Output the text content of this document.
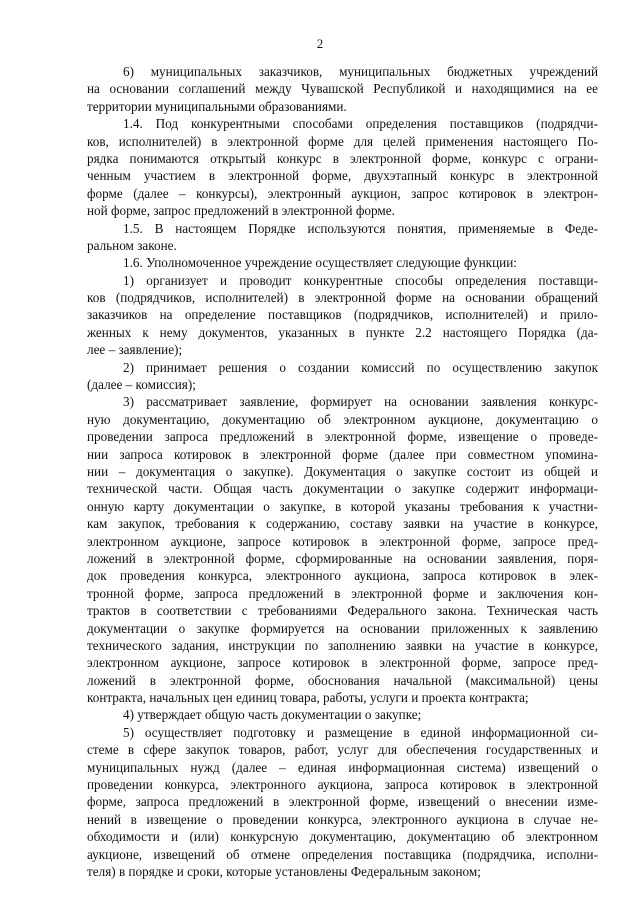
2
6) муниципальных заказчиков, муниципальных бюджетных учреждений
на основании соглашений между Чувашской Республикой и находящимися на ее
территории муниципальными образованиями.
1.4. Под конкурентными способами определения поставщиков (подрядчи-
ков, исполнителей) в электронной форме для целей применения настоящего По-
рядка понимаются открытый конкурс в электронной форме, конкурс с ограни-
ченным участием в электронной форме, двухэтапный конкурс в электронной
форме (далее – конкурсы), электронный аукцион, запрос котировок в электрон-
ной форме, запрос предложений в электронной форме.
1.5. В настоящем Порядке используются понятия, применяемые в Феде-
ральном законе.
1.6. Уполномоченное учреждение осуществляет следующие функции:
1) организует и проводит конкурентные способы определения поставщи-
ков (подрядчиков, исполнителей) в электронной форме на основании обращений
заказчиков на определение поставщиков (подрядчиков, исполнителей) и прило-
женных к нему документов, указанных в пункте 2.2 настоящего Порядка (да-
лее – заявление);
2) принимает решения о создании комиссий по осуществлению закупок
(далее – комиссия);
3) рассматривает заявление, формирует на основании заявления конкурс-
ную документацию, документацию об электронном аукционе, документацию о
проведении запроса предложений в электронной форме, извещение о проведе-
нии запроса котировок в электронной форме (далее при совместном упомина-
нии – документация о закупке). Документация о закупке состоит из общей и
технической части. Общая часть документации о закупке содержит информаци-
онную карту документации о закупке, в которой указаны требования к участни-
кам закупок, требования к содержанию, составу заявки на участие в конкурсе,
электронном аукционе, запросе котировок в электронной форме, запросе пред-
ложений в электронной форме, сформированные на основании заявления, поря-
док проведения конкурса, электронного аукциона, запроса котировок в элек-
тронной форме, запроса предложений в электронной форме и заключения кон-
трактов в соответствии с требованиями Федерального закона. Техническая часть
документации о закупке формируется на основании приложенных к заявлению
технического задания, инструкции по заполнению заявки на участие в конкурсе,
электронном аукционе, запросе котировок в электронной форме, запросе пред-
ложений в электронной форме, обоснования начальной (максимальной) цены
контракта, начальных цен единиц товара, работы, услуги и проекта контракта;
4) утверждает общую часть документации о закупке;
5) осуществляет подготовку и размещение в единой информационной си-
стеме в сфере закупок товаров, работ, услуг для обеспечения государственных и
муниципальных нужд (далее – единая информационная система) извещений о
проведении конкурса, электронного аукциона, запроса котировок в электронной
форме, запроса предложений в электронной форме, извещений о внесении изме-
нений в извещение о проведении конкурса, электронного аукциона в случае не-
обходимости и (или) конкурсную документацию, документацию об электронном
аукционе, извещений об отмене определения поставщика (подрядчика, исполни-
теля) в порядке и сроки, которые установлены Федеральным законом;
